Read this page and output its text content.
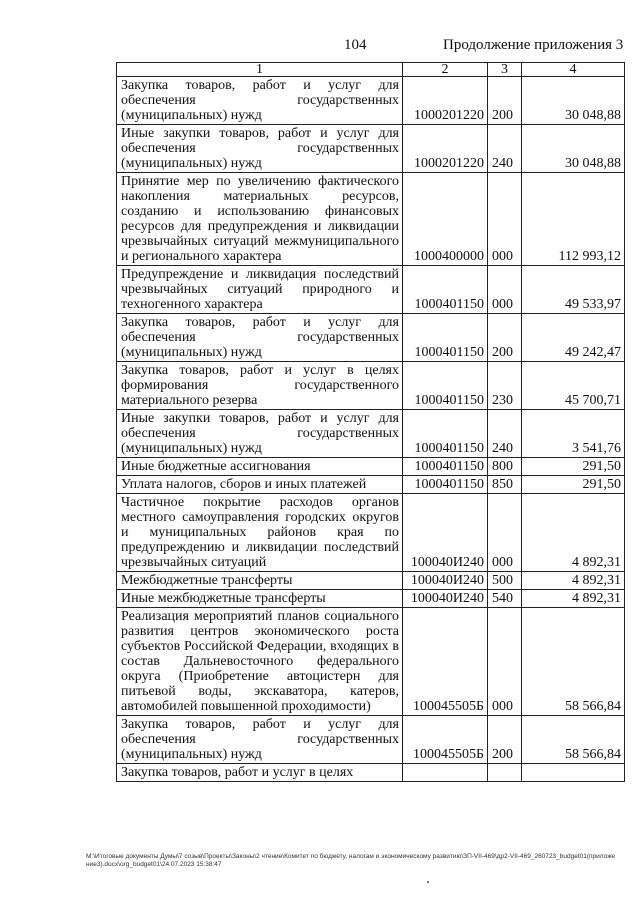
104	Продолжение приложения 3
1	2	3	4
Закупка товаров, работ и услуг для обеспечения государственных (муниципальных) нужд	1000201220	200	30 048,88
Иные закупки товаров, работ и услуг для обеспечения государственных (муниципальных) нужд	1000201220	240	30 048,88
Принятие мер по увеличению фактического накопления материальных ресурсов, созданию и использованию финансовых ресурсов для предупреждения и ликвидации чрезвычайных ситуаций межмуниципального и регионального характера	1000400000	000	112 993,12
Предупреждение и ликвидация последствий чрезвычайных ситуаций природного и техногенного характера	1000401150	000	49 533,97
Закупка товаров, работ и услуг для обеспечения государственных (муниципальных) нужд	1000401150	200	49 242,47
Закупка товаров, работ и услуг в целях формирования государственного материального резерва	1000401150	230	45 700,71
Иные закупки товаров, работ и услуг для обеспечения государственных (муниципальных) нужд	1000401150	240	3 541,76
Иные бюджетные ассигнования	1000401150	800	291,50
Уплата налогов, сборов и иных платежей	1000401150	850	291,50
Частичное покрытие расходов органов местного самоуправления городских округов и муниципальных районов края по предупреждению и ликвидации последствий чрезвычайных ситуаций	100040И240	000	4 892,31
Межбюджетные трансферты	100040И240	500	4 892,31
Иные межбюджетные трансферты	100040И240	540	4 892,31
Реализация мероприятий планов социального развития центров экономического роста субъектов Российской Федерации, входящих в состав Дальневосточного федерального округа (Приобретение автоцистерн для питьевой воды, экскаватора, катеров, автомобилей повышенной проходимости)	100045505Б	000	58 566,84
Закупка товаров, работ и услуг для обеспечения государственных (муниципальных) нужд	100045505Б	200	58 566,84
Закупка товаров, работ и услуг в целях			
М:\Итоговые документы Думы\7 созыв\Проекты\Законы\2 чтение\Комитет по бюджету, налогам и экономическому развитию\ЗП-VII-469\др2-VII-469_260723_budget01(приложение3).docx\org_budget01\24.07.2023 15:38:47
